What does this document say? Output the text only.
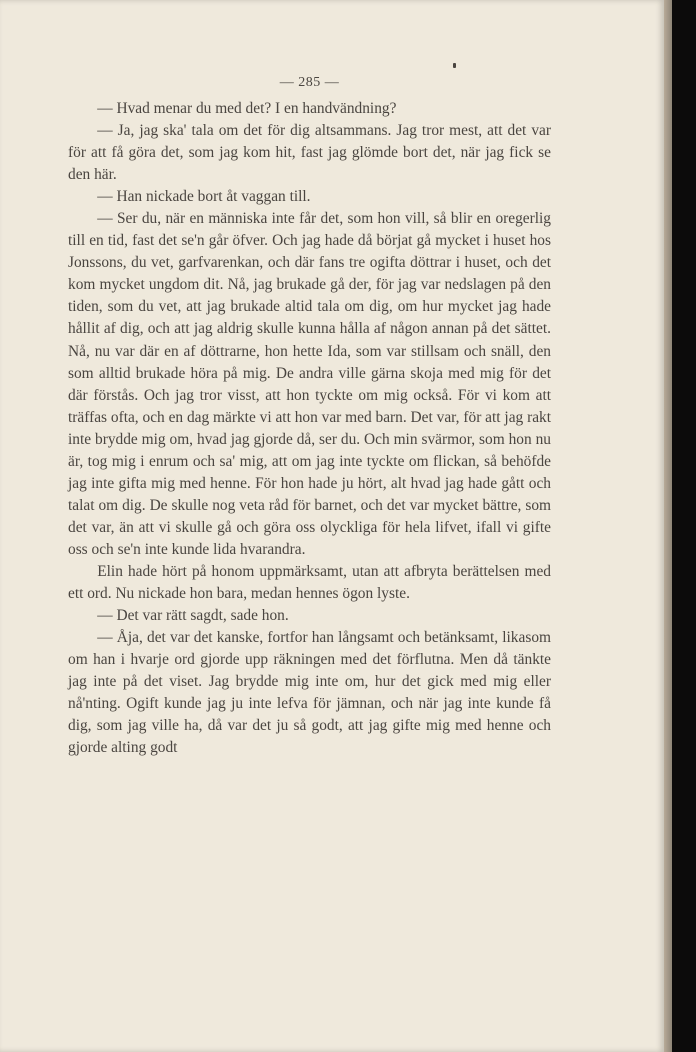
— 285 —

— Hvad menar du med det? I en handvändning?

— Ja, jag ska' tala om det för dig altsammans. Jag tror mest, att det var för att få göra det, som jag kom hit, fast jag glömde bort det, när jag fick se den här.

— Han nickade bort åt vaggan till.

— Ser du, när en människa inte får det, som hon vill, så blir en oregerlig till en tid, fast det se'n går öfver. Och jag hade då börjat gå mycket i huset hos Jonssons, du vet, garfvarenkan, och där fans tre ogifta döttrar i huset, och det kom mycket ungdom dit. Nå, jag brukade gå der, för jag var nedslagen på den tiden, som du vet, att jag brukade altid tala om dig, om hur mycket jag hade hållit af dig, och att jag aldrig skulle kunna hålla af någon annan på det sättet. Nå, nu var där en af döttrarne, hon hette Ida, som var stillsam och snäll, den som alltid brukade höra på mig. De andra ville gärna skoja med mig för det där förstås. Och jag tror visst, att hon tyckte om mig också. För vi kom att träffas ofta, och en dag märkte vi att hon var med barn. Det var, för att jag rakt inte brydde mig om, hvad jag gjorde då, ser du. Och min svärmor, som hon nu är, tog mig i enrum och sa' mig, att om jag inte tyckte om flickan, så behöfde jag inte gifta mig med henne. För hon hade ju hört, alt hvad jag hade gått och talat om dig. De skulle nog veta råd för barnet, och det var mycket bättre, som det var, än att vi skulle gå och göra oss olyckliga för hela lifvet, ifall vi gifte oss och se'n inte kunde lida hvarandra.

Elin hade hört på honom uppmärksamt, utan att afbryta berättelsen med ett ord. Nu nickade hon bara, medan hennes ögon lyste.

— Det var rätt sagdt, sade hon.

— Åja, det var det kanske, fortfor han långsamt och betänksamt, likasom om han i hvarje ord gjorde upp räkningen med det förflutna. Men då tänkte jag inte på det viset. Jag brydde mig inte om, hur det gick med mig eller nå'nting. Ogift kunde jag ju inte lefva för jämnan, och när jag inte kunde få dig, som jag ville ha, då var det ju så godt, att jag gifte mig med henne och gjorde alting godt
